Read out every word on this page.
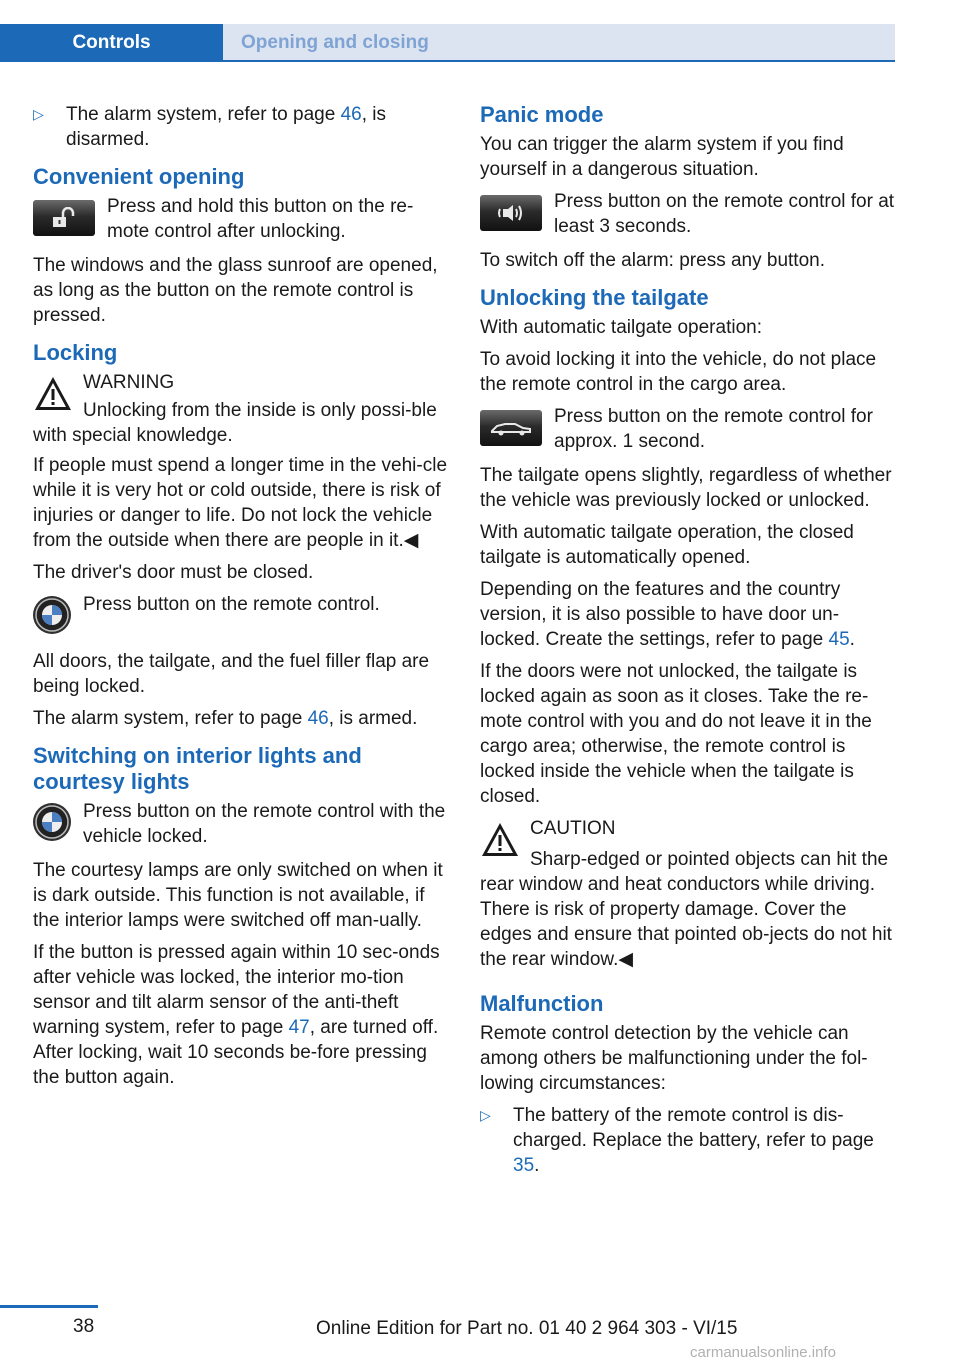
Controls	Opening and closing
▷ The alarm system, refer to page 46, is disarmed.
Convenient opening
Press and hold this button on the re‐mote control after unlocking.

The windows and the glass sunroof are opened, as long as the button on the remote control is pressed.

Locking

WARNING

Unlocking from the inside is only possi‐ble with special knowledge.

If people must spend a longer time in the vehi‐cle while it is very hot or cold outside, there is risk of injuries or danger to life. Do not lock the vehicle from the outside when there are people in it.◀

The driver's door must be closed.

Press button on the remote control.

All doors, the tailgate, and the fuel filler flap are being locked.

The alarm system, refer to page 46, is armed.

Switching on interior lights and courtesy lights
Press button on the remote control with the vehicle locked.

The courtesy lamps are only switched on when it is dark outside. This function is not available, if the interior lamps were switched off man‐ually.

If the button is pressed again within 10 sec‐onds after vehicle was locked, the interior mo‐tion sensor and tilt alarm sensor of the anti‐theft warning system, refer to page 47, are turned off. After locking, wait 10 seconds be‐fore pressing the button again.

Panic mode

You can trigger the alarm system if you find yourself in a dangerous situation.

Press button on the remote control for at least 3 seconds.

To switch off the alarm: press any button.

Unlocking the tailgate

With automatic tailgate operation:

To avoid locking it into the vehicle, do not place the remote control in the cargo area.

Press button on the remote control for approx. 1 second.

The tailgate opens slightly, regardless of whether the vehicle was previously locked or unlocked.

With automatic tailgate operation, the closed tailgate is automatically opened.

Depending on the features and the country version, it is also possible to have door un‐locked. Create the settings, refer to page 45.

If the doors were not unlocked, the tailgate is locked again as soon as it closes. Take the re‐mote control with you and do not leave it in the cargo area; otherwise, the remote control is locked inside the vehicle when the tailgate is closed.

CAUTION

Sharp-edged or pointed objects can hit the rear window and heat conductors while driving. There is risk of property damage. Cover the edges and ensure that pointed ob‐jects do not hit the rear window.◀

Malfunction

Remote control detection by the vehicle can among others be malfunctioning under the fol‐lowing circumstances:

▷ The battery of the remote control is dis‐charged. Replace the battery, refer to page 35.
38	Online Edition for Part no. 01 40 2 964 303 - VI/15
carmanualsonline.info
